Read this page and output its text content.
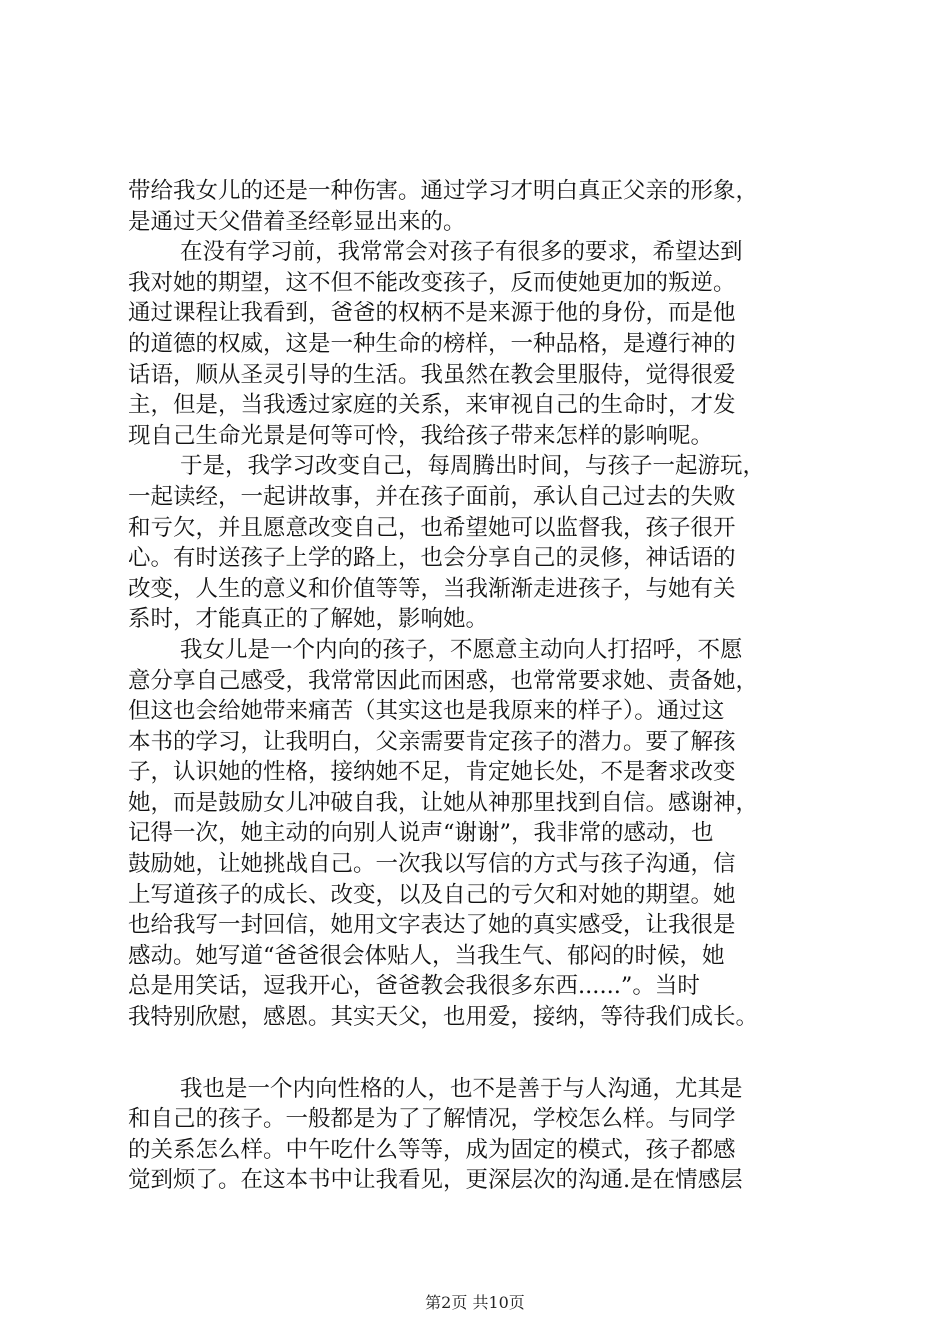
带给我女儿的还是一种伤害。通过学习才明白真正父亲的形象，
是通过天父借着圣经彰显出来的。
在没有学习前，我常常会对孩子有很多的要求，希望达到
我对她的期望，这不但不能改变孩子，反而使她更加的叛逆。
通过课程让我看到，爸爸的权柄不是来源于他的身份，而是他
的道德的权威，这是一种生命的榜样，一种品格，是遵行神的
话语，顺从圣灵引导的生活。我虽然在教会里服侍，觉得很爱
主，但是，当我透过家庭的关系，来审视自己的生命时，才发
现自己生命光景是何等可怜，我给孩子带来怎样的影响呢。
于是，我学习改变自己，每周腾出时间，与孩子一起游玩，
一起读经，一起讲故事，并在孩子面前，承认自己过去的失败
和亏欠，并且愿意改变自己，也希望她可以监督我，孩子很开
心。有时送孩子上学的路上，也会分享自己的灵修，神话语的
改变，人生的意义和价值等等，当我渐渐走进孩子，与她有关
系时，才能真正的了解她，影响她。
我女儿是一个内向的孩子，不愿意主动向人打招呼，不愿
意分享自己感受，我常常因此而困惑，也常常要求她、责备她，
但这也会给她带来痛苦（其实这也是我原来的样子）。通过这
本书的学习，让我明白，父亲需要肯定孩子的潜力。要了解孩
子，认识她的性格，接纳她不足，肯定她长处，不是奢求改变
她，而是鼓励女儿冲破自我，让她从神那里找到自信。感谢神，
记得一次，她主动的向别人说声“谢谢”，我非常的感动，也
鼓励她，让她挑战自己。一次我以写信的方式与孩子沟通，信
上写道孩子的成长、改变，以及自己的亏欠和对她的期望。她
也给我写一封回信，她用文字表达了她的真实感受，让我很是
感动。她写道“爸爸很会体贴人，当我生气、郁闷的时候，她
总是用笑话，逗我开心，爸爸教会我很多东西......”。当时
我特别欣慰，感恩。其实天父，也用爱，接纳，等待我们成长。
我也是一个内向性格的人，也不是善于与人沟通，尤其是
和自己的孩子。一般都是为了了解情况，学校怎么样。与同学
的关系怎么样。中午吃什么等等，成为固定的模式，孩子都感
觉到烦了。在这本书中让我看见，更深层次的沟通.是在情感层
第2页 共10页
